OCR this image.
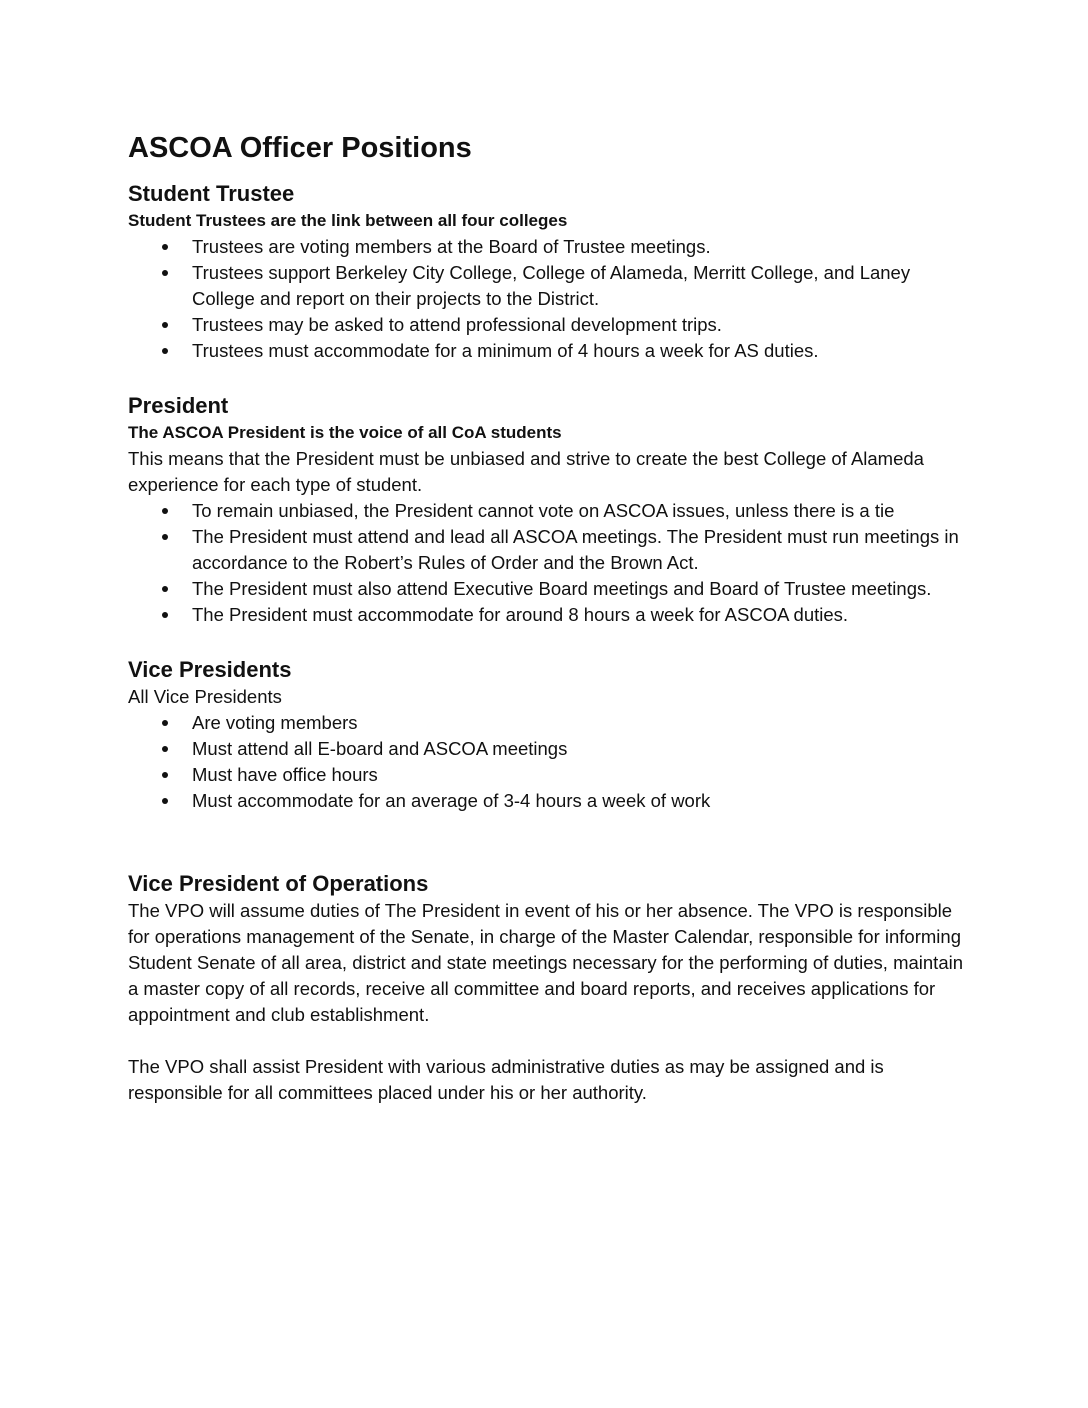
ASCOA Officer Positions
Student Trustee
Student Trustees are the link between all four colleges
Trustees are voting members at the Board of Trustee meetings.
Trustees support Berkeley City College, College of Alameda, Merritt College, and Laney College and report on their projects to the District.
Trustees may be asked to attend professional development trips.
Trustees must accommodate for a minimum of 4 hours a week for AS duties.
President
The ASCOA President is the voice of all CoA students

This means that the President must be unbiased and strive to create the best College of Alameda experience for each type of student.

To remain unbiased, the President cannot vote on ASCOA issues, unless there is a tie
The President must attend and lead all ASCOA meetings. The President must run meetings in accordance to the Robert’s Rules of Order and the Brown Act.
The President must also attend Executive Board meetings and Board of Trustee meetings.
The President must accommodate for around 8 hours a week for ASCOA duties.
Vice Presidents

All Vice Presidents

Are voting members
Must attend all E-board and ASCOA meetings
Must have office hours
Must accommodate for an average of 3-4 hours a week of work
Vice President of Operations

The VPO will assume duties of The President in event of his or her absence. The VPO is responsible for operations management of the Senate, in charge of the Master Calendar, responsible for informing Student Senate of all area, district and state meetings necessary for the performing of duties, maintain a master copy of all records, receive all committee and board reports, and receives applications for appointment and club establishment.

The VPO shall assist President with various administrative duties as may be assigned and is responsible for all committees placed under his or her authority.
